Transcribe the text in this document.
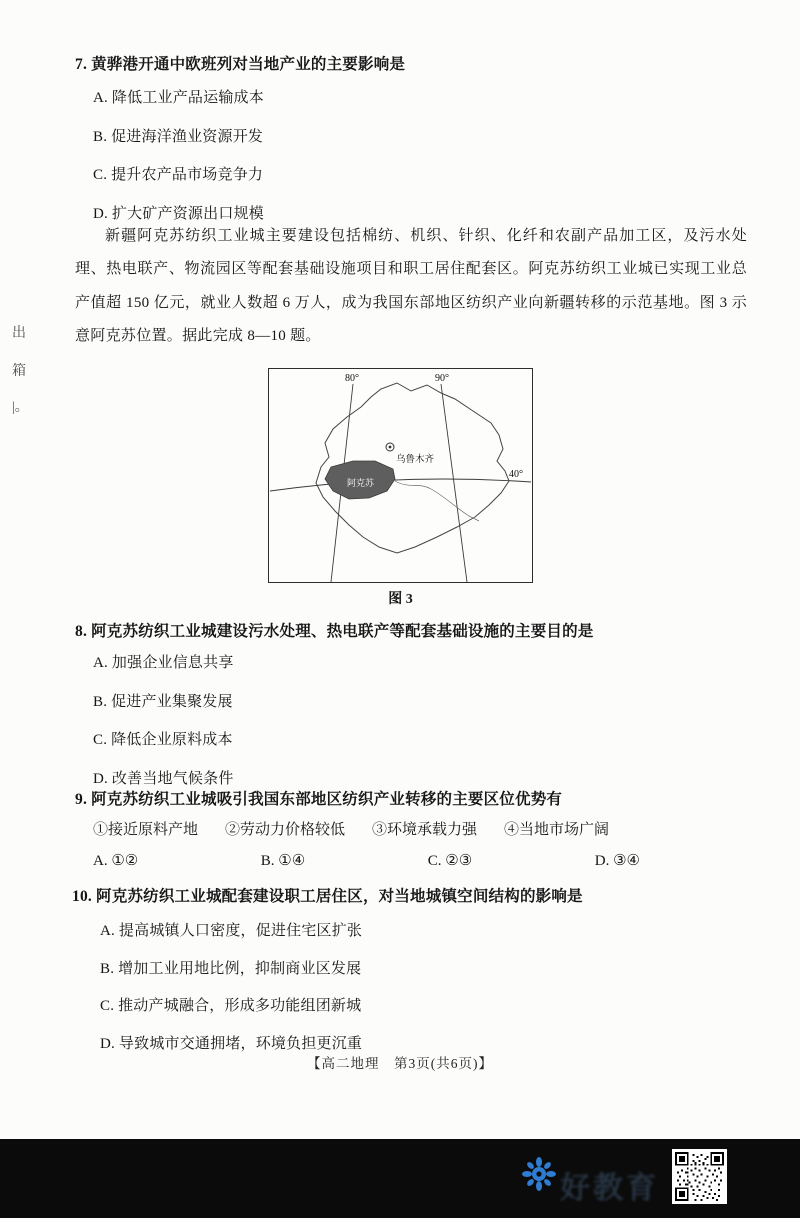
出
箱
|。
7. 黄骅港开通中欧班列对当地产业的主要影响是
A. 降低工业产品运输成本
B. 促进海洋渔业资源开发
C. 提升农产品市场竞争力
D. 扩大矿产资源出口规模

新疆阿克苏纺织工业城主要建设包括棉纺、机织、针织、化纤和农副产品加工区，及污水处理、热电联产、物流园区等配套基础设施项目和职工居住配套区。阿克苏纺织工业城已实现工业总产值超 150 亿元，就业人数超 6 万人，成为我国东部地区纺织产业向新疆转移的示范基地。图 3 示意阿克苏位置。据此完成 8—10 题。

80°	90°
40°
阿克苏
乌鲁木齐
图 3
8. 阿克苏纺织工业城建设污水处理、热电联产等配套基础设施的主要目的是
A. 加强企业信息共享
B. 促进产业集聚发展
C. 降低企业原料成本
D. 改善当地气候条件
9. 阿克苏纺织工业城吸引我国东部地区纺织产业转移的主要区位优势有
①接近原料产地 ②劳动力价格较低 ③环境承载力强 ④当地市场广阔
A. ①②	B. ①④	C. ②③	D. ③④
10. 阿克苏纺织工业城配套建设职工居住区，对当地城镇空间结构的影响是
A. 提高城镇人口密度，促进住宅区扩张
B. 增加工业用地比例，抑制商业区发展
C. 推动产城融合，形成多功能组团新城
D. 导致城市交通拥堵，环境负担更沉重
【高二地理　第3页(共6页)】
好教育
